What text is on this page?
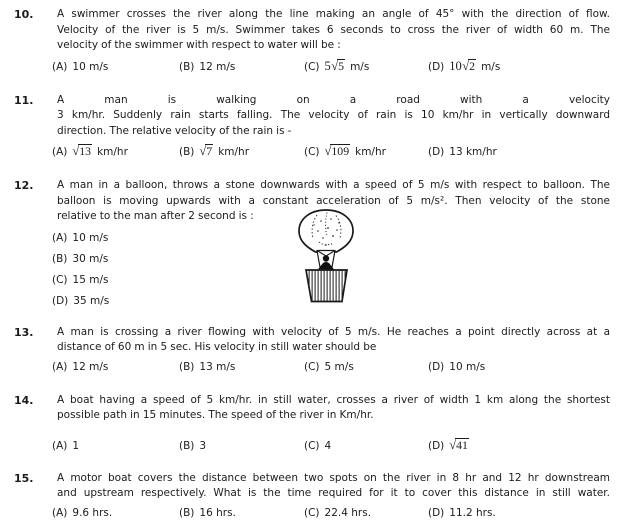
10.	A swimmer crosses the river along the line making an angle of 45° with the direction of flow.
Velocity of the river is 5 m/s. Swimmer takes 6 seconds to cross the river of width 60 m. The
velocity of the swimmer with respect to water will be :
(A) 10 m/s	(B) 12 m/s	(C) 5√ 5 m/s	(D) 10√ 2 m/s
11.	A man is walking on a road with a velocity
3 km/hr. Suddenly rain starts falling. The velocity of rain is 10 km/hr in vertically downward
direction. The relative velocity of the rain is -
(A) √ 13 km/hr	(B) √ 7 km/hr	(C) √ 109 km/hr	(D) 13 km/hr
12.	A man in a balloon, throws a stone downwards with a speed of 5 m/s with respect to balloon. The
balloon is moving upwards with a constant acceleration of 5 m/s². Then velocity of the stone
relative to the man after 2 second is :
(A) 10 m/s
(B) 30 m/s
(C) 15 m/s
(D) 35 m/s
13.	A man is crossing a river flowing with velocity of 5 m/s. He reaches a point directly across at a
distance of 60 m in 5 sec. His velocity in still water should be
(A) 12 m/s	(B) 13 m/s	(C) 5 m/s	(D) 10 m/s
14.	A boat having a speed of 5 km/hr. in still water, crosses a river of width 1 km along the shortest
possible path in 15 minutes. The speed of the river in Km/hr.
(A) 1	(B) 3	(C) 4	(D) √ 41
15.	A motor boat covers the distance between two spots on the river in 8 hr and 12 hr downstream
and upstream respectively. What is the time required for it to cover this distance in still water.
(A) 9.6 hrs.	(B) 16 hrs.	(C) 22.4 hrs.	(D) 11.2 hrs.
